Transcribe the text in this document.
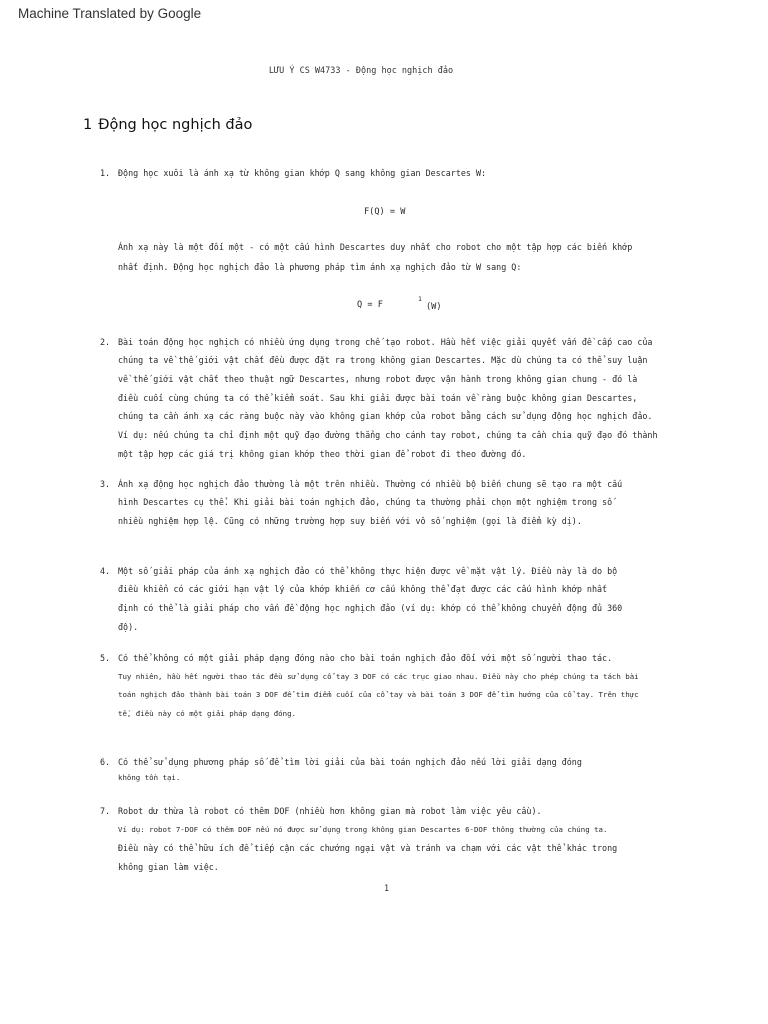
Machine Translated by Google
LƯU Ý CS W4733 - Động học nghịch đảo
1 Động học nghịch đảo
1. Động học xuôi là ánh xạ từ không gian khớp Q sang không gian Descartes W:
F(Q) = W
Ánh xạ này là một đối một - có một cấu hình Descartes duy nhất cho robot cho một tập hợp các biến khớp
nhất định. Động học nghịch đảo là phương pháp tìm ánh xạ nghịch đảo từ W sang Q:
Q = F
1
(W)
2. Bài toán động học nghịch có nhiều ứng dụng trong chế tạo robot. Hầu hết việc giải quyết vấn đề cấp cao của
chúng ta về thế giới vật chất đều được đặt ra trong không gian Descartes. Mặc dù chúng ta có thể suy luận
về thế giới vật chất theo thuật ngữ Descartes, nhưng robot được vận hành trong không gian chung - đó là
điều cuối cùng chúng ta có thể kiểm soát. Sau khi giải được bài toán về ràng buộc không gian Descartes,
chúng ta cần ánh xạ các ràng buộc này vào không gian khớp của robot bằng cách sử dụng động học nghịch đảo.
Ví dụ: nếu chúng ta chỉ định một quỹ đạo đường thẳng cho cánh tay robot, chúng ta cần chia quỹ đạo đó thành
một tập hợp các giá trị không gian khớp theo thời gian để robot đi theo đường đó.
3. Ánh xạ động học nghịch đảo thường là một trên nhiều. Thường có nhiều bộ biến chung sẽ tạo ra một cấu
hình Descartes cụ thể. Khi giải bài toán nghịch đảo, chúng ta thường phải chọn một nghiệm trong số
nhiều nghiệm hợp lệ. Cũng có những trường hợp suy biến với vô số nghiệm (gọi là điểm kỳ dị).
4. Một số giải pháp của ánh xạ nghịch đảo có thể không thực hiện được về mặt vật lý. Điều này là do bộ
điều khiển có các giới hạn vật lý của khớp khiến cơ cấu không thể đạt được các cấu hình khớp nhất
định có thể là giải pháp cho vấn đề động học nghịch đảo (ví dụ: khớp có thể không chuyển động đủ 360
độ).
5. Có thể không có một giải pháp dạng đóng nào cho bài toán nghịch đảo đối với một số người thao tác.
Tuy nhiên, hầu hết người thao tác đều sử dụng cổ tay 3 DOF có các trục giao nhau. Điều này cho phép chúng ta tách bài
toán nghịch đảo thành bài toán 3 DOF để tìm điểm cuối của cổ tay và bài toán 3 DOF để tìm hướng của cổ tay. Trên thực
tế, điều này có một giải pháp dạng đóng.
6. Có thể sử dụng phương pháp số để tìm lời giải của bài toán nghịch đảo nếu lời giải dạng đóng
không tồn tại.
7. Robot dư thừa là robot có thêm DOF (nhiều hơn không gian mà robot làm việc yêu cầu).
Ví dụ: robot 7-DOF có thêm DOF nếu nó được sử dụng trong không gian Descartes 6-DOF thông thường của chúng ta.
Điều này có thể hữu ích để tiếp cận các chướng ngại vật và tránh va chạm với các vật thể khác trong
không gian làm việc.
1
